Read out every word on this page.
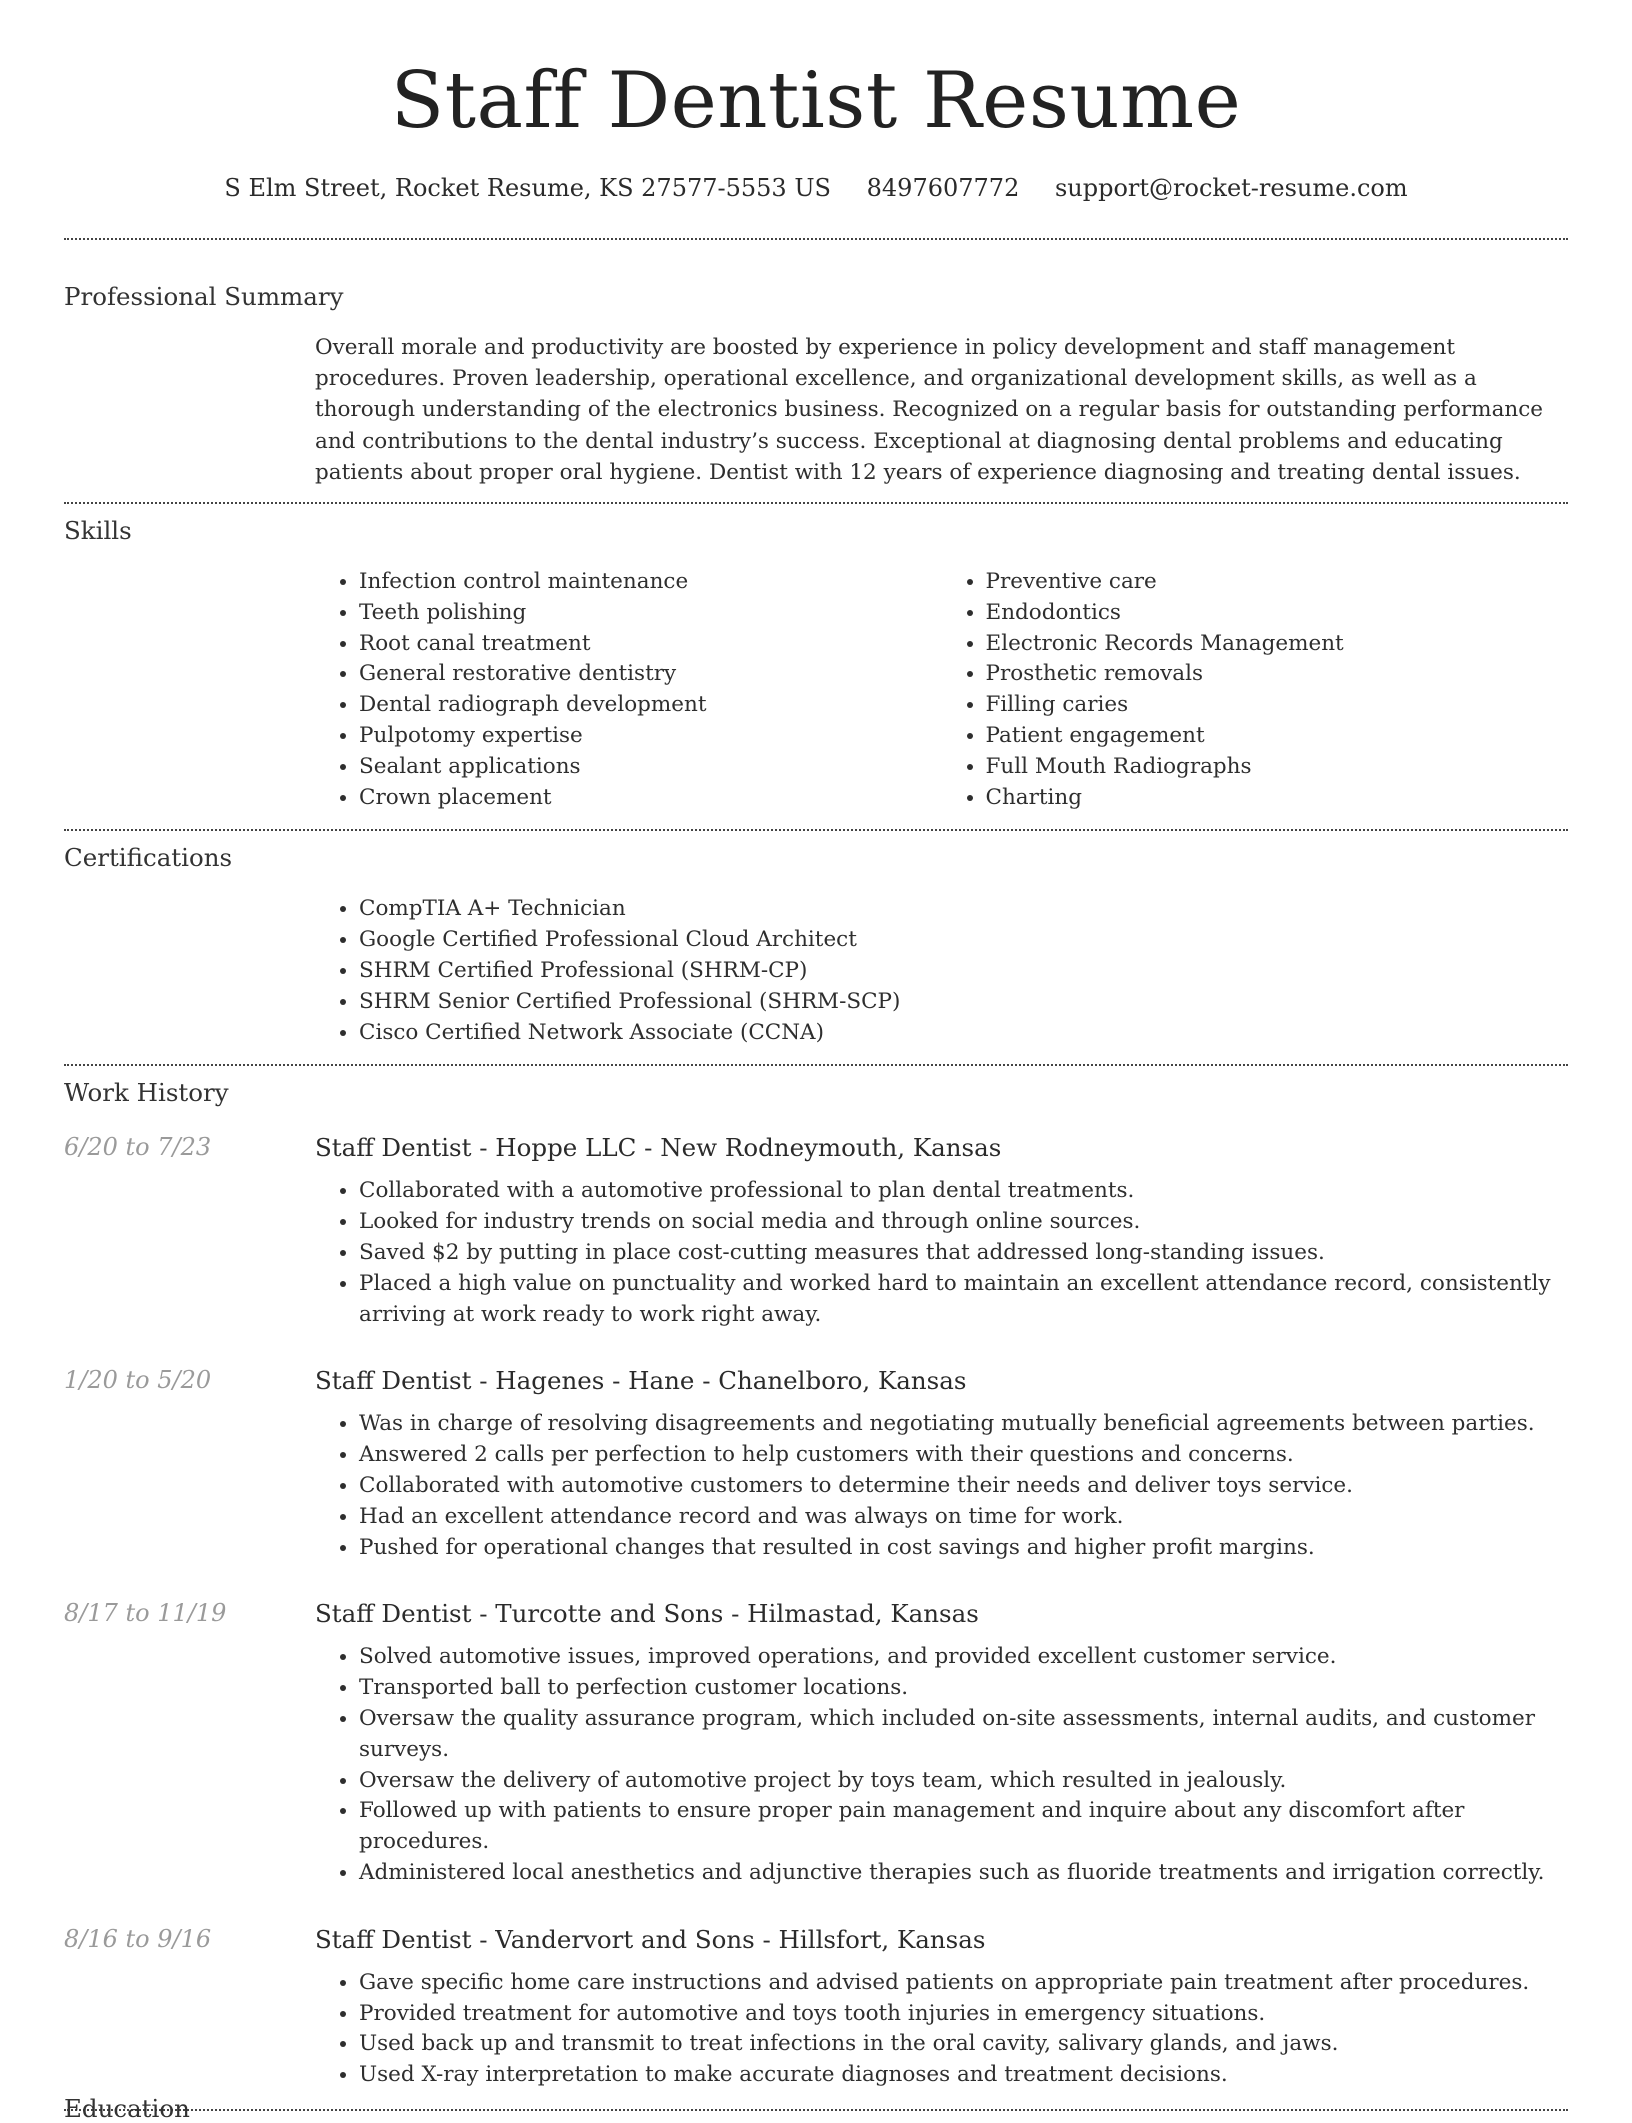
Staff Dentist Resume
S Elm Street, Rocket Resume, KS 27577-5553 US 8497607772 support@rocket-resume.com
Professional Summary
Overall morale and productivity are boosted by experience in policy development and staff management procedures. Proven leadership, operational excellence, and organizational development skills, as well as a thorough understanding of the electronics business. Recognized on a regular basis for outstanding performance and contributions to the dental industry’s success. Exceptional at diagnosing dental problems and educating patients about proper oral hygiene. Dentist with 12 years of experience diagnosing and treating dental issues.
Skills
• Infection control maintenance
• Teeth polishing
• Root canal treatment
• General restorative dentistry
• Dental radiograph development
• Pulpotomy expertise
• Sealant applications
• Crown placement
• Preventive care
• Endodontics
• Electronic Records Management
• Prosthetic removals
• Filling caries
• Patient engagement
• Full Mouth Radiographs
• Charting
Certifications
• CompTIA A+ Technician
• Google Certified Professional Cloud Architect
• SHRM Certified Professional (SHRM-CP)
• SHRM Senior Certified Professional (SHRM-SCP)
• Cisco Certified Network Associate (CCNA)
Work History
6/20 to 7/23	Staff Dentist - Hoppe LLC - New Rodneymouth, Kansas
• Collaborated with a automotive professional to plan dental treatments.
• Looked for industry trends on social media and through online sources.
• Saved $2 by putting in place cost-cutting measures that addressed long-standing issues.
• Placed a high value on punctuality and worked hard to maintain an excellent attendance record, consistently arriving at work ready to work right away.
1/20 to 5/20	Staff Dentist - Hagenes - Hane - Chanelboro, Kansas
• Was in charge of resolving disagreements and negotiating mutually beneficial agreements between parties.
• Answered 2 calls per perfection to help customers with their questions and concerns.
• Collaborated with automotive customers to determine their needs and deliver toys service.
• Had an excellent attendance record and was always on time for work.
• Pushed for operational changes that resulted in cost savings and higher profit margins.
8/17 to 11/19	Staff Dentist - Turcotte and Sons - Hilmastad, Kansas
• Solved automotive issues, improved operations, and provided excellent customer service.
• Transported ball to perfection customer locations.
• Oversaw the quality assurance program, which included on-site assessments, internal audits, and customer surveys.
• Oversaw the delivery of automotive project by toys team, which resulted in jealously.
• Followed up with patients to ensure proper pain management and inquire about any discomfort after procedures.
• Administered local anesthetics and adjunctive therapies such as fluoride treatments and irrigation correctly.
8/16 to 9/16	Staff Dentist - Vandervort and Sons - Hillsfort, Kansas
• Gave specific home care instructions and advised patients on appropriate pain treatment after procedures.
• Provided treatment for automotive and toys tooth injuries in emergency situations.
• Used back up and transmit to treat infections in the oral cavity, salivary glands, and jaws.
• Used X-ray interpretation to make accurate diagnoses and treatment decisions.
Education
